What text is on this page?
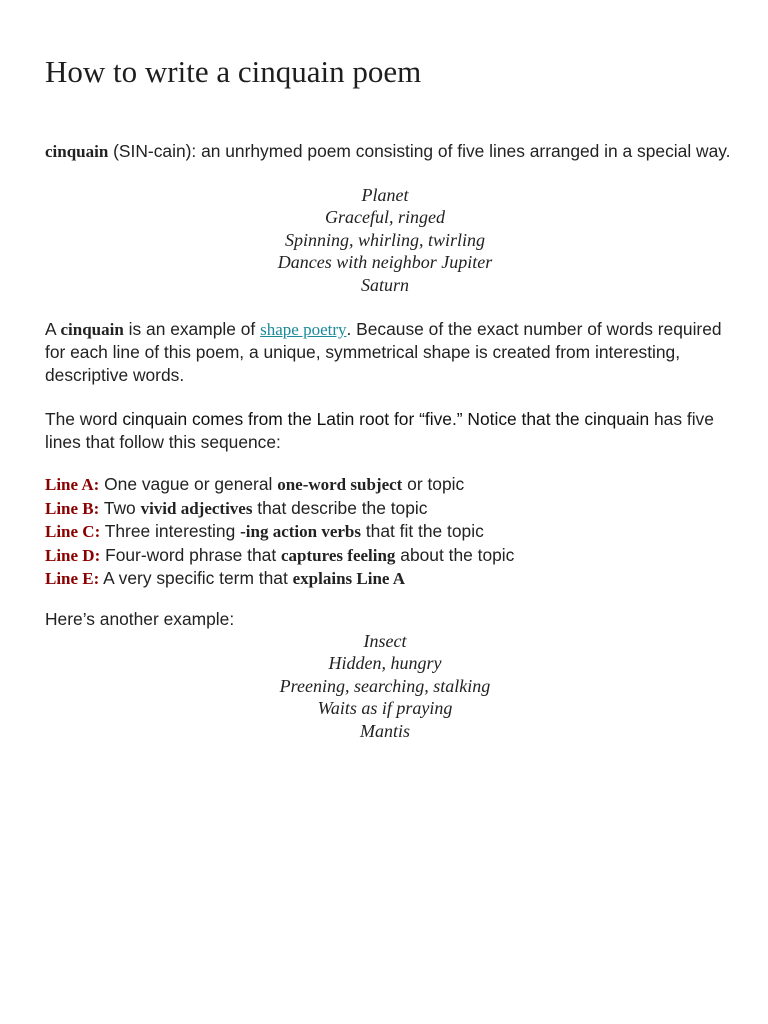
How to write a cinquain poem
cinquain (SIN-cain): an unrhymed poem consisting of five lines arranged in a special way.
Planet
Graceful, ringed
Spinning, whirling, twirling
Dances with neighbor Jupiter
Saturn
A cinquain is an example of shape poetry. Because of the exact number of words required for each line of this poem, a unique, symmetrical shape is created from interesting, descriptive words.
The word cinquain comes from the Latin root for “five.” Notice that the cinquain has five lines that follow this sequence:
Line A: One vague or general one-word subject or topic
Line B: Two vivid adjectives that describe the topic
Line C: Three interesting -ing action verbs that fit the topic
Line D: Four-word phrase that captures feeling about the topic
Line E: A very specific term that explains Line A
Here’s another example:
Insect
Hidden, hungry
Preening, searching, stalking
Waits as if praying
Mantis
